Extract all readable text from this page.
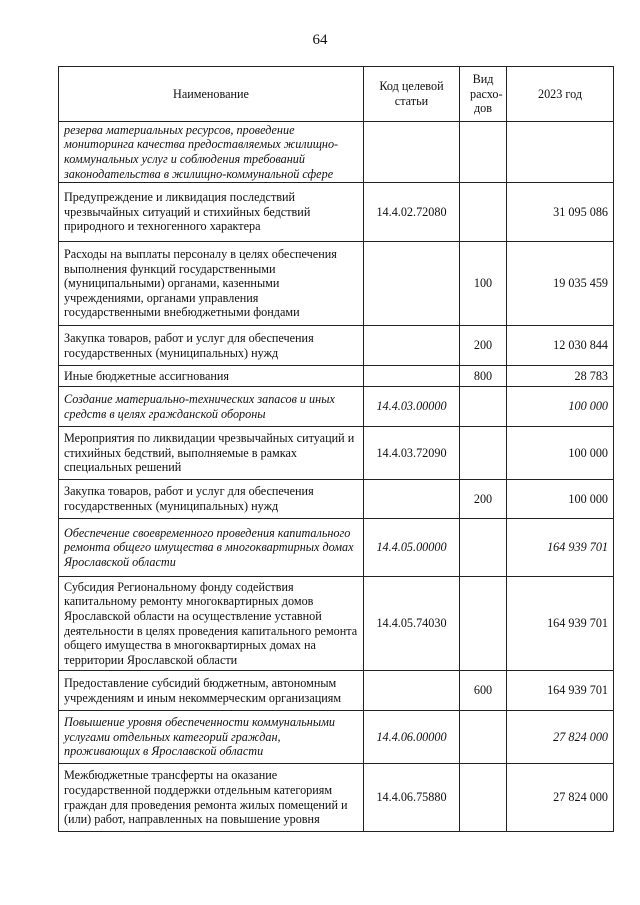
64
Наименование	Код целевой статьи	Вид расхо-дов	2023 год
резерва материальных ресурсов, проведение мониторинга качества предоставляемых жилищно-коммунальных услуг и соблюдения требований законодательства в жилищно-коммунальной сфере			
Предупреждение и ликвидация последствий чрезвычайных ситуаций и стихийных бедствий природного и техногенного характера	14.4.02.72080		31 095 086
Расходы на выплаты персоналу в целях обеспечения выполнения функций государственными (муниципальными) органами, казенными учреждениями, органами управления государственными внебюджетными фондами		100	19 035 459
Закупка товаров, работ и услуг для обеспечения государственных (муниципальных) нужд		200	12 030 844
Иные бюджетные ассигнования		800	28 783
Создание материально-технических запасов и иных средств в целях гражданской обороны	14.4.03.00000		100 000
Мероприятия по ликвидации чрезвычайных ситуаций и стихийных бедствий, выполняемые в рамках специальных решений	14.4.03.72090		100 000
Закупка товаров, работ и услуг для обеспечения государственных (муниципальных) нужд		200	100 000
Обеспечение своевременного проведения капитального ремонта общего имущества в многоквартирных домах Ярославской области	14.4.05.00000		164 939 701
Субсидия Региональному фонду содействия капитальному ремонту многоквартирных домов Ярославской области на осуществление уставной деятельности в целях проведения капитального ремонта общего имущества в многоквартирных домах на территории Ярославской области	14.4.05.74030		164 939 701
Предоставление субсидий бюджетным, автономным учреждениям и иным некоммерческим организациям		600	164 939 701
Повышение уровня обеспеченности коммунальными услугами отдельных категорий граждан, проживающих в Ярославской области	14.4.06.00000		27 824 000
Межбюджетные трансферты на оказание государственной поддержки отдельным категориям граждан для проведения ремонта жилых помещений и (или) работ, направленных на повышение уровня	14.4.06.75880		27 824 000
